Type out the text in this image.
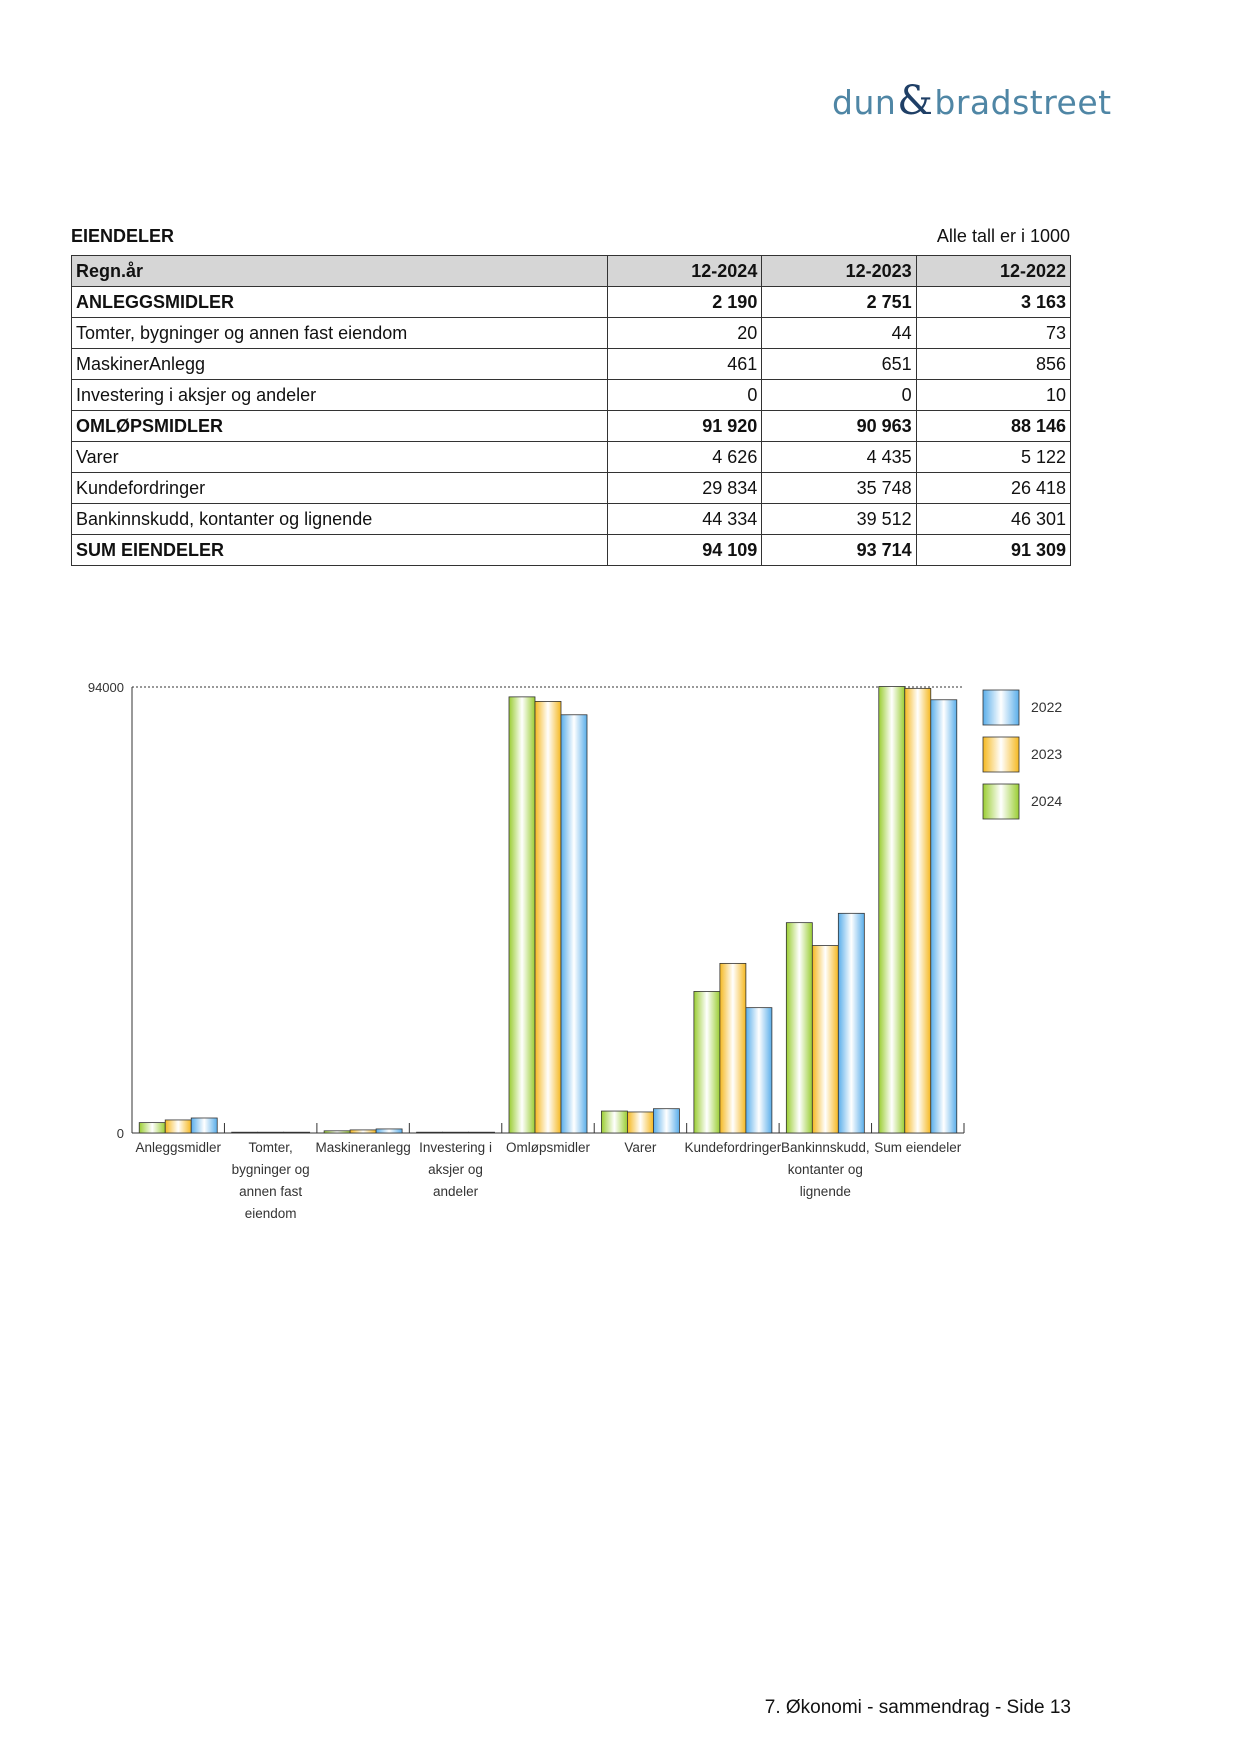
dun&bradstreet
EIENDELER	Alle tall er i 1000
Regn.år	12-2024	12-2023	12-2022
ANLEGGSMIDLER	2 190	2 751	3 163
Tomter, bygninger og annen fast eiendom	20	44	73
MaskinerAnlegg	461	651	856
Investering i aksjer og andeler	0	0	10
OMLØPSMIDLER	91 920	90 963	88 146
Varer	4 626	4 435	5 122
Kundefordringer	29 834	35 748	26 418
Bankinnskudd, kontanter og lignende	44 334	39 512	46 301
SUM EIENDELER	94 109	93 714	91 309
0
94000
Anleggsmidler Tomter,
bygninger og
annen fast
eiendom
Maskineranlegg Investering i
aksjer og
andeler
Omløpsmidler	Varer Kundefordringer Bankinnskudd,
kontanter og
lignende
Sum eiendeler
2022
2023
2024
7. Økonomi - sammendrag - Side 13
